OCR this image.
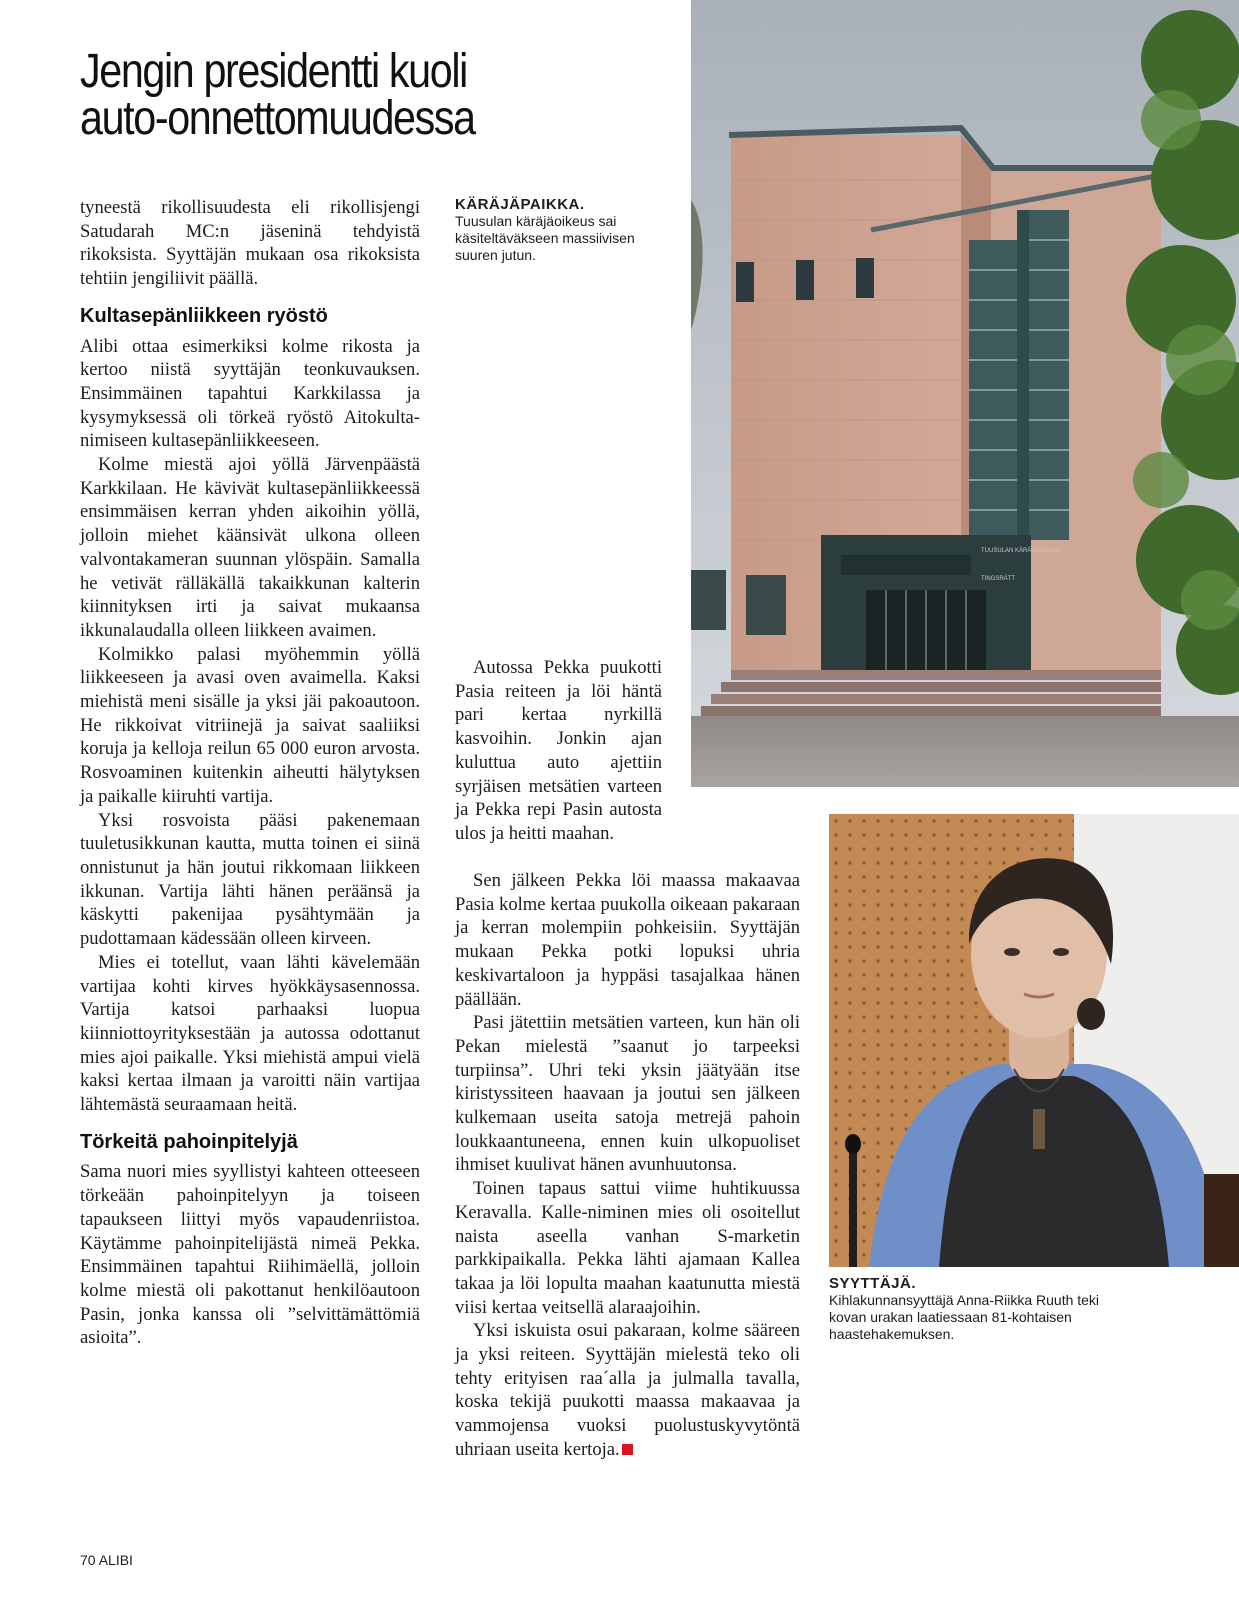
Jengin presidentti kuoli
auto-onnettomuudessa

tyneestä rikollisuudesta eli rikollisjengi Satudarah MC:n jäseninä tehdyistä rikoksista. Syyttäjän mukaan osa rikoksista tehtiin jengiliivit päällä.

Kultasepänliikkeen ryöstö

Alibi ottaa esimerkiksi kolme rikosta ja kertoo niistä syyttäjän teonkuvauksen. Ensimmäinen tapahtui Karkkilassa ja kysymyksessä oli törkeä ryöstö Aitokulta-nimiseen kultasepänliikkeeseen.

Kolme miestä ajoi yöllä Järvenpäästä Karkkilaan. He kävivät kultasepänliikkeessä ensimmäisen kerran yhden aikoihin yöllä, jolloin miehet käänsivät ulkona olleen valvontakameran suunnan ylöspäin. Samalla he vetivät rälläkällä takaikkunan kalterin kiinnityksen irti ja saivat mukaansa ikkunalaudalla olleen liikkeen avaimen.

Kolmikko palasi myöhemmin yöllä liikkeeseen ja avasi oven avaimella. Kaksi miehistä meni sisälle ja yksi jäi pakoautoon. He rikkoivat vitriinejä ja saivat saaliiksi koruja ja kelloja reilun 65 000 euron arvosta. Rosvoaminen kuitenkin aiheutti hälytyksen ja paikalle kiiruhti vartija.

Yksi rosvoista pääsi pakenemaan tuuletusikkunan kautta, mutta toinen ei siinä onnistunut ja hän joutui rikkomaan liikkeen ikkunan. Vartija lähti hänen peräänsä ja käskytti pakenijaa pysähtymään ja pudottamaan kädessään olleen kirveen.

Mies ei totellut, vaan lähti kävelemään vartijaa kohti kirves hyökkäysasennossa. Vartija katsoi parhaaksi luopua kiinniottoyrityksestään ja autossa odottanut mies ajoi paikalle. Yksi miehistä ampui vielä kaksi kertaa ilmaan ja varoitti näin vartijaa lähtemästä seuraamaan heitä.

Törkeitä pahoinpitelyjä

Sama nuori mies syyllistyi kahteen otteeseen törkeään pahoinpitelyyn ja toiseen tapaukseen liittyi myös vapaudenriistoa. Käytämme pahoinpitelijästä nimeä Pekka. Ensimmäinen tapahtui Riihimäellä, jolloin kolme miestä oli pakottanut henkilöautoon Pasin, jonka kanssa oli ”selvittämättömiä asioita”.

KÄRÄJÄPAIKKA.
Tuusulan käräjäoikeus sai käsiteltäväkseen massiivisen suuren jutun.
TUUSULAN KÄRÄJÄOIKEUS
TINGSRÄTT

Autossa Pekka puukotti Pasia reiteen ja löi häntä pari kertaa nyrkillä kasvoihin. Jonkin ajan kuluttua auto ajettiin syrjäisen metsätien varteen ja Pekka repi Pasin autosta ulos ja heitti maahan.

Sen jälkeen Pekka löi maassa makaavaa Pasia kolme kertaa puukolla oikeaan pakaraan ja kerran molempiin pohkeisiin. Syyttäjän mukaan Pekka potki lopuksi uhria keskivartaloon ja hyppäsi tasajalkaa hänen päällään.

Pasi jätettiin metsätien varteen, kun hän oli Pekan mielestä ”saanut jo tarpeeksi turpiinsa”. Uhri teki yksin jäätyään itse kiristyssiteen haavaan ja joutui sen jälkeen kulkemaan useita satoja metrejä pahoin loukkaantuneena, ennen kuin ulkopuoliset ihmiset kuulivat hänen avunhuutonsa.

Toinen tapaus sattui viime huhtikuussa Keravalla. Kalle-niminen mies oli osoitellut naista aseella vanhan S-marketin parkkipaikalla. Pekka lähti ajamaan Kallea takaa ja löi lopulta maahan kaatunutta miestä viisi kertaa veitsellä alaraajoihin.

Yksi iskuista osui pakaraan, kolme sääreen ja yksi reiteen. Syyttäjän mielestä teko oli tehty erityisen raa´alla ja julmalla tavalla, koska tekijä puukotti maassa makaavaa ja vammojensa vuoksi puolustuskyvytöntä uhriaan useita kertoja.

SYYTTÄJÄ.
Kihlakunnansyyttäjä Anna-Riikka Ruuth teki kovan urakan laatiessaan 81-kohtaisen haastehakemuksen.
70 ALIBI
